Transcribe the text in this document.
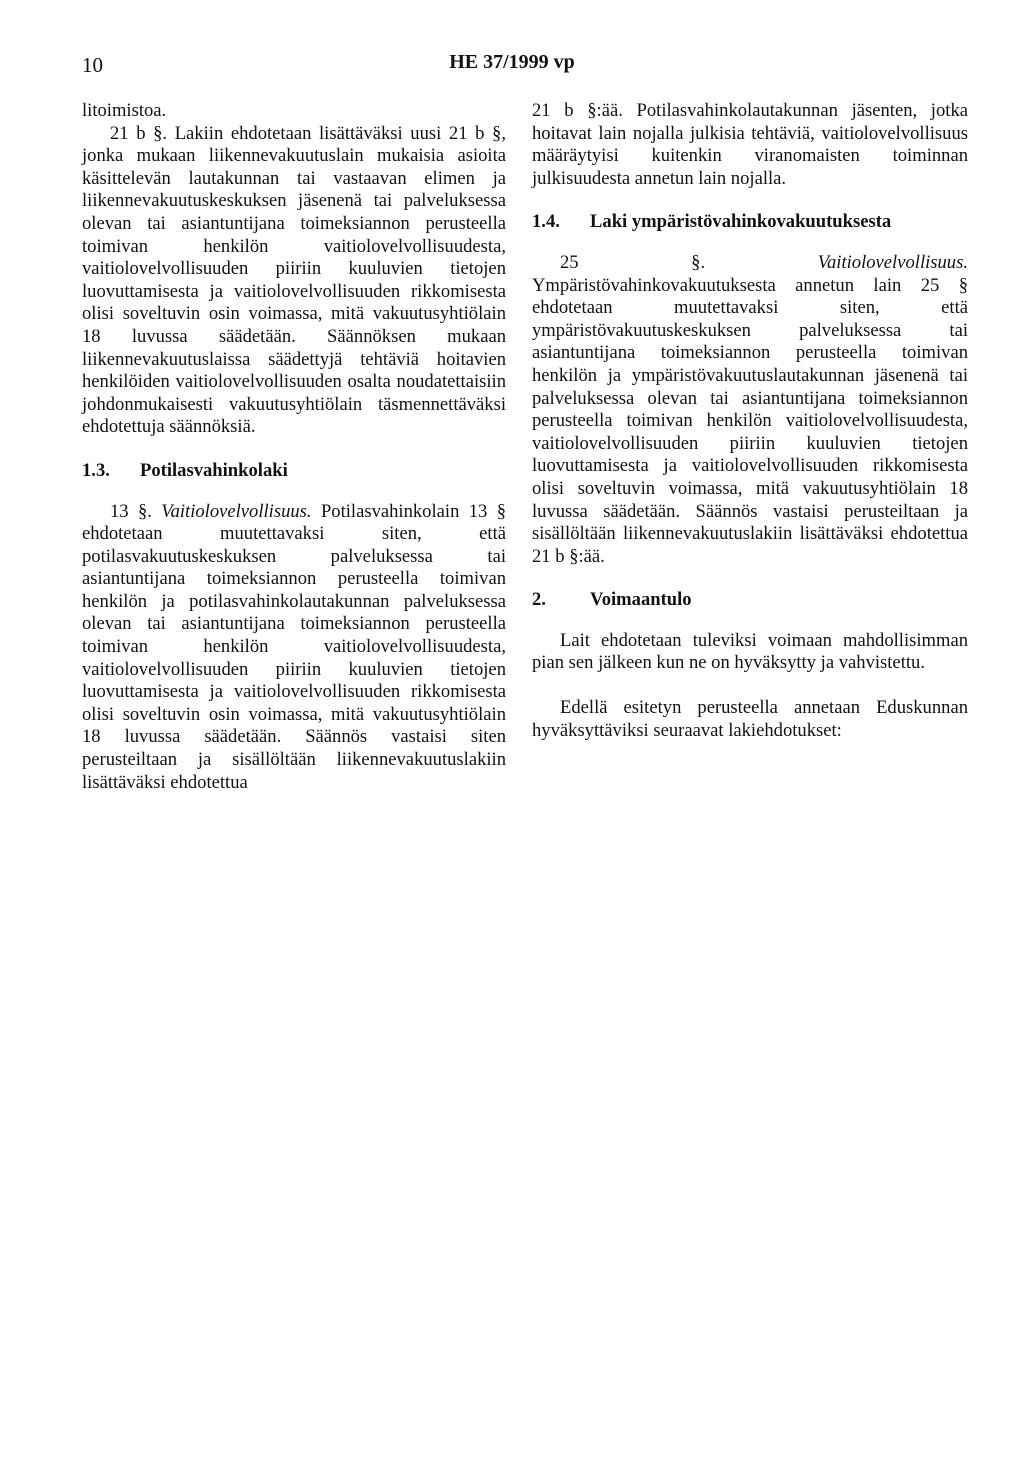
10	HE 37/1999 vp

litoimistoa.

21 b §. Lakiin ehdotetaan lisättäväksi uusi 21 b §, jonka mukaan liikennevakuutuslain mukaisia asioita käsittelevän lautakunnan tai vastaavan elimen ja liikennevakuutuskeskuksen jäsenenä tai palveluksessa olevan tai asiantuntijana toimeksiannon perusteella toimivan henkilön vaitiolovelvollisuudesta, vaitiolovelvollisuuden piiriin kuuluvien tietojen luovuttamisesta ja vaitiolovelvollisuuden rikkomisesta olisi soveltuvin osin voimassa, mitä vakuutusyhtiölain 18 luvussa säädetään. Säännöksen mukaan liikennevakuutuslaissa säädettyjä tehtäviä hoitavien henkilöiden vaitiolovelvollisuuden osalta noudatettaisiin johdonmukaisesti vakuutusyhtiölain täsmennettäväksi ehdotettuja säännöksiä.

1.3. Potilasvahinkolaki

13 §. Vaitiolovelvollisuus. Potilasvahinkolain 13 § ehdotetaan muutettavaksi siten, että potilasvakuutuskeskuksen palveluksessa tai asiantuntijana toimeksiannon perusteella toimivan henkilön ja potilasvahinkolautakunnan palveluksessa olevan tai asiantuntijana toimeksiannon perusteella toimivan henkilön vaitiolovelvollisuudesta, vaitiolovelvollisuuden piiriin kuuluvien tietojen luovuttamisesta ja vaitiolovelvollisuuden rikkomisesta olisi soveltuvin osin voimassa, mitä vakuutusyhtiölain 18 luvussa säädetään. Säännös vastaisi siten perusteiltaan ja sisällöltään liikennevakuutuslakiin lisättäväksi ehdotettua

21 b §:ää. Potilasvahinkolautakunnan jäsenten, jotka hoitavat lain nojalla julkisia tehtäviä, vaitiolovelvollisuus määräytyisi kuitenkin viranomaisten toiminnan julkisuudesta annetun lain nojalla.

1.4. Laki ympäristövahinkovakuutuksesta

25 §.	Vaitiolovelvollisuus. Ympäristövahinkovakuutuksesta annetun lain 25 § ehdotetaan muutettavaksi siten, että ympäristövakuutuskeskuksen palveluksessa tai asiantuntijana toimeksiannon perusteella toimivan henkilön ja ympäristövakuutuslautakunnan jäsenenä tai palveluksessa olevan tai asiantuntijana toimeksiannon perusteella toimivan henkilön vaitiolovelvollisuudesta, vaitiolovelvollisuuden piiriin kuuluvien tietojen luovuttamisesta ja vaitiolovelvollisuuden rikkomisesta olisi soveltuvin voimassa, mitä vakuutusyhtiölain 18 luvussa säädetään. Säännös vastaisi perusteiltaan ja sisällöltään liikennevakuutuslakiin lisättäväksi ehdotettua 21 b §:ää.

2. Voimaantulo

Lait ehdotetaan tuleviksi voimaan mahdollisimman pian sen jälkeen kun ne on hyväksytty ja vahvistettu.

Edellä esitetyn perusteella annetaan Eduskunnan hyväksyttäviksi seuraavat lakiehdotukset:
